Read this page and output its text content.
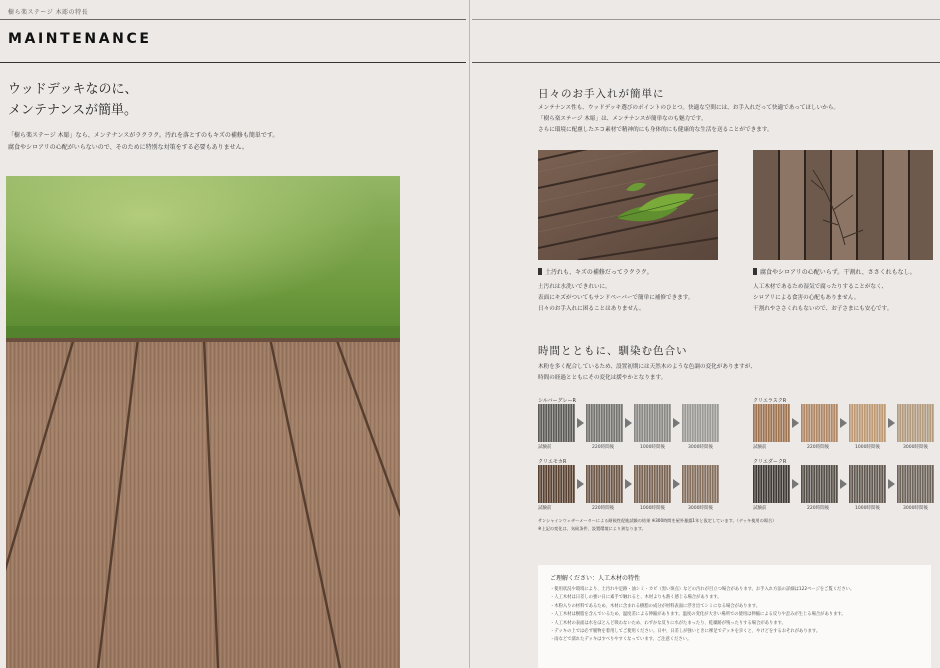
樹ら楽ステージ 木彫の特長
MAINTENANCE
ウッドデッキなのに、
メンテナンスが簡単。
「樹ら楽ステージ 木彫」なら、メンテナンスがラクラク。汚れを落とすのもキズの補修も簡単です。
腐食やシロアリの心配がいらないので、そのために特別な対策をする必要もありません。
日々のお手入れが簡単に
メンテナンス性も、ウッドデッキ選びのポイントのひとつ。快適な空間には、お手入れだって快適であってほしいから。
「樹ら楽ステージ 木彫」は、メンテナンスが簡単なのも魅力です。
さらに環境に配慮したエコ素材で精神的にも身体的にも健康的な生活を送ることができます。
土汚れも、キズの補修だってラクラク。
土汚れは水洗いできれいに。
表面にキズがついてもサンドペーパーで簡単に補修できます。
日々のお手入れに困ることはありません。
腐食やシロアリの心配いらず。干割れ、ささくれもなし。
人工木材であるため湿気で腐ったりすることがなく、
シロアリによる食害の心配もありません。
干割れやささくれもないので、お子さまにも安心です。
時間とともに、馴染む色合い
木粉を多く配合しているため、設置初期には天然木のような色調の変化がありますが、
時間の経過とともにその変化は緩やかとなります。
シルバーグレーR
試験前	220時間後	1000時間後	3000時間後
クリエラスクR
試験前	220時間後	1000時間後	3000時間後
クリエモカR
試験前	220時間後	1000時間後	3000時間後
クリエダークR
試験前	220時間後	1000時間後	3000時間後
サンシャインウェザーメーターによる耐候性促進試験の結果 ※300時間を屋外暴露1年と仮定しています。（デッキ使用の場合）
※上記の変化は、気候条件、設置環境により異なります。
ご理解ください：人工木材の特性
・使用状況や環境により、土汚れや足跡・油シミ・カビ（黒い斑点）などの汚れが目立つ場合があります。お手入れ方法の詳細は122ページをご覧ください。
・人工木材は日差しの強い日に素手で触れると、木材よりも熱く感じる場合があります。
・木粉入りの材料であるため、木材に含まれる樹脂の成分が材料表面に浮き出てシミになる場合があります。
・人工木材は樹脂を含んでいるため、温度差による伸縮があります。温度の変化が大きい場所での使用は伸縮による反りや歪みが生じる場合があります。
・人工木材の表面は水をほとんど吸わないため、わずかな反りに水がたまったり、乾燥跡が残ったりする場合があります。
・デッキの上では必ず履物を着用してご使用ください。日中、日差しが強いときに裸足でデッキを歩くと、やけどをするおそれがあります。
・雨などで濡れたデッキはすべりやすくなっています。ご注意ください。
